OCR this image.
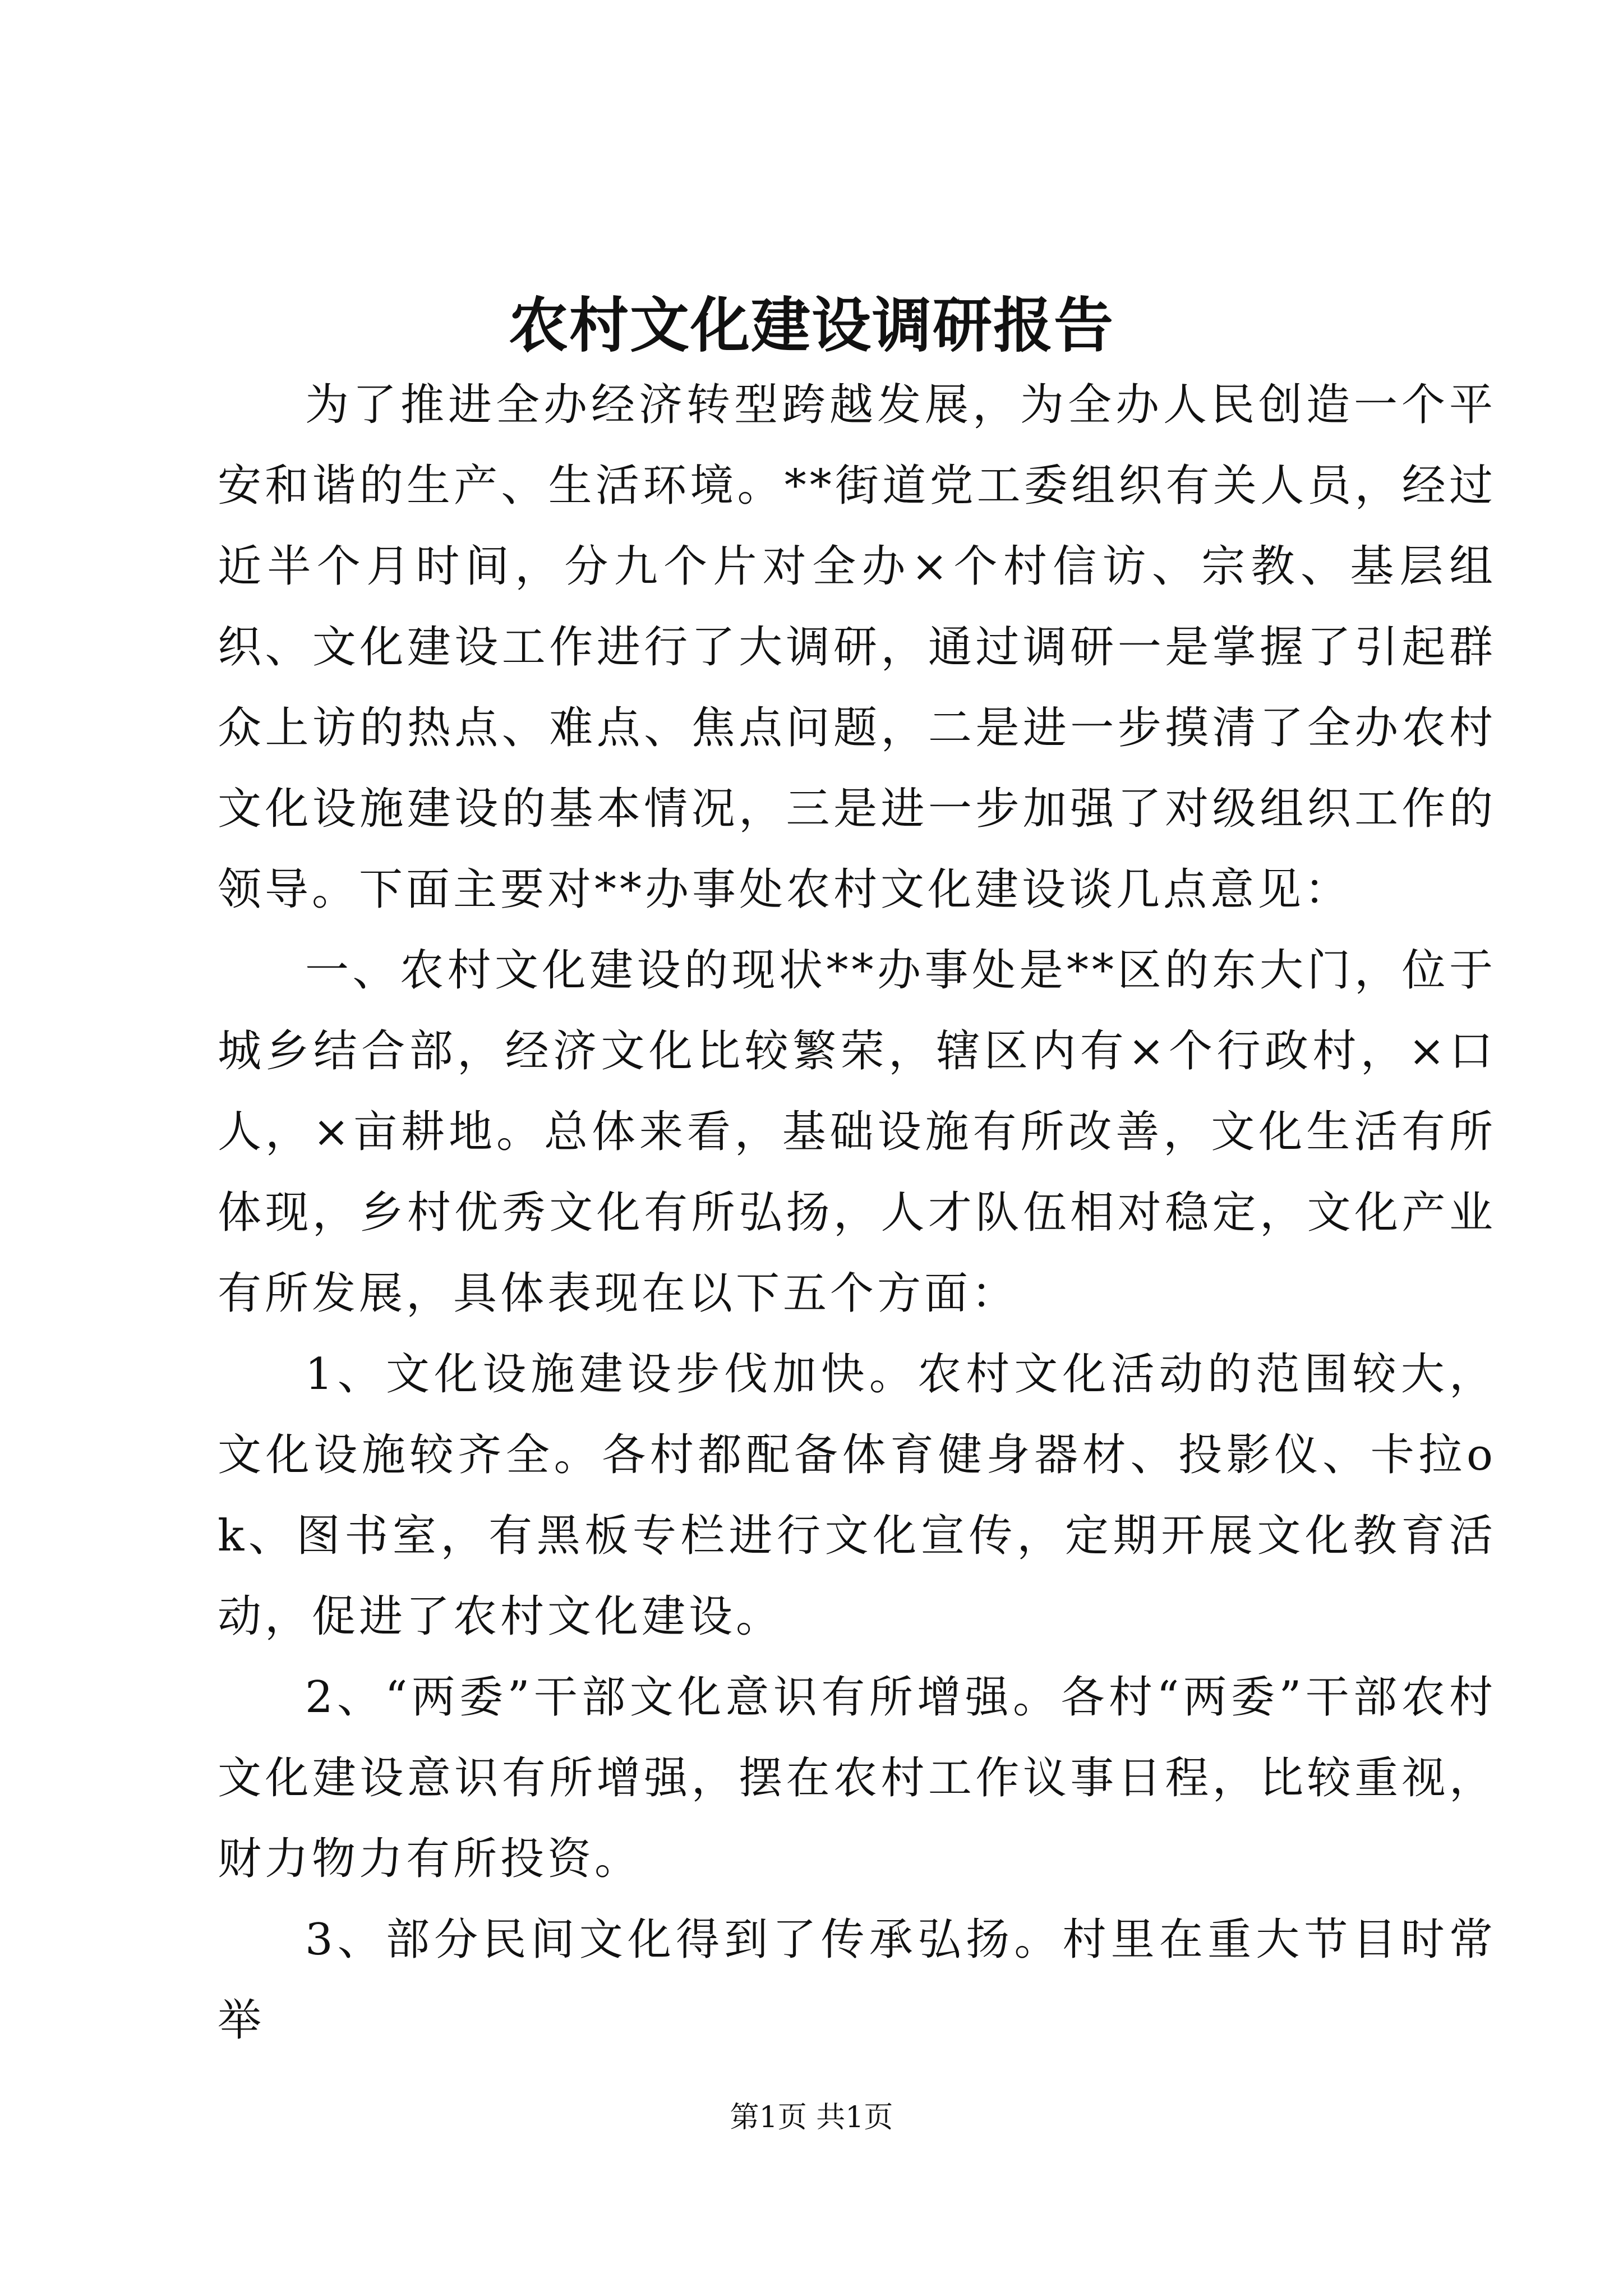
农村文化建设调研报告

为了推进全办经济转型跨越发展，为全办人民创造一个平安和谐的生产、生活环境。**街道党工委组织有关人员，经过近半个月时间，分九个片对全办×个村信访、宗教、基层组织、文化建设工作进行了大调研，通过调研一是掌握了引起群众上访的热点、难点、焦点问题，二是进一步摸清了全办农村文化设施建设的基本情况，三是进一步加强了对级组织工作的领导。下面主要对**办事处农村文化建设谈几点意见：

一、农村文化建设的现状**办事处是**区的东大门，位于城乡结合部，经济文化比较繁荣，辖区内有×个行政村，×口人，×亩耕地。总体来看，基础设施有所改善，文化生活有所体现，乡村优秀文化有所弘扬，人才队伍相对稳定，文化产业有所发展，具体表现在以下五个方面：

1、文化设施建设步伐加快。农村文化活动的范围较大，文化设施较齐全。各村都配备体育健身器材、投影仪、卡拉ok、图书室，有黑板专栏进行文化宣传，定期开展文化教育活动，促进了农村文化建设。

2、“两委”干部文化意识有所增强。各村“两委”干部农村文化建设意识有所增强，摆在农村工作议事日程，比较重视，财力物力有所投资。

3、部分民间文化得到了传承弘扬。村里在重大节目时常举

第1页 共1页
